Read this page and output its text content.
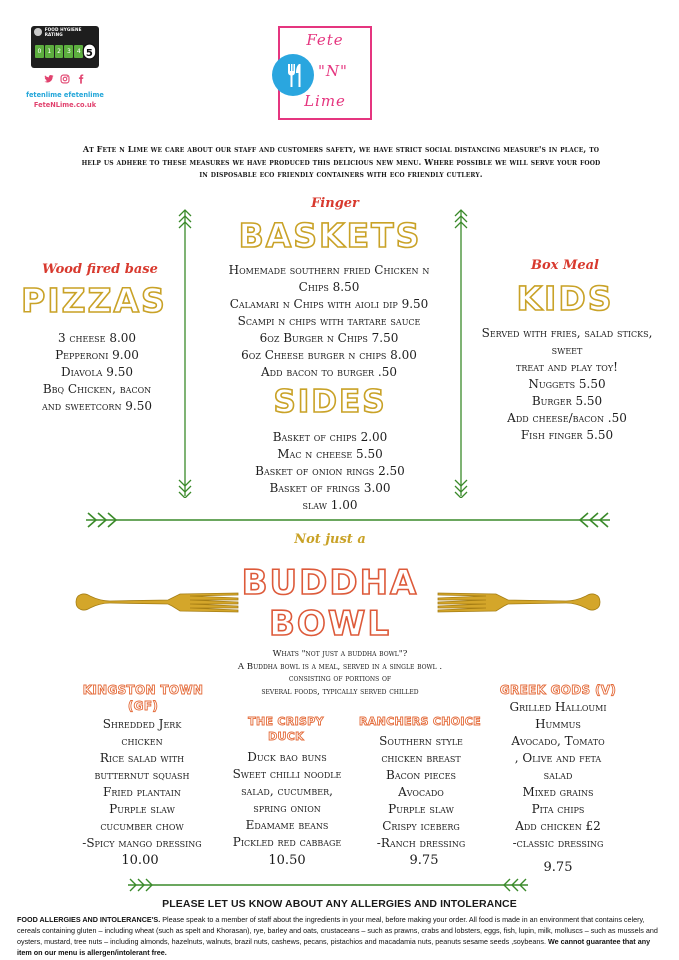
FOOD HYGIENE RATING
0	1	2	3	4 5
fetenlime efetenlime
FeteNLime.co.uk
Fete
"N"
Lime
At Fete n Lime we care about our staff and customers safety, we have strict social distancing measure's in place, to
help us adhere to these measures we have produced this delicious new menu. Where possible we will serve your food
in disposable eco friendly containers with eco friendly cutlery.
Wood fired base
PIZZAS
3 cheese 8.00
Pepperoni 9.00
Diavola 9.50
Bbq Chicken, bacon
and sweetcorn 9.50
Finger
BASKETS
Homemade southern fried Chicken n
Chips 8.50
Calamari n Chips with aioli dip 9.50
Scampi n chips with tartare sauce
6oz Burger n Chips 7.50
6oz Cheese burger n chips 8.00
Add bacon to burger .50
SIDES
Basket of chips 2.00
Mac n cheese 5.50
Basket of onion rings 2.50
Basket of frings 3.00
slaw 1.00
Box Meal
KIDS
Served with fries, salad sticks,
sweet
treat and play toy!
Nuggets 5.50
Burger 5.50
Add cheese/bacon .50
Fish finger 5.50
Not just a
BUDDHA
BOWL
Whats "not just a buddha bowl"?
A Buddha bowl is a meal, served in a single bowl .
consisting of portions of
several foods, typically served chilled
KINGSTON TOWN
(GF)
Shredded Jerk
chicken
Rice salad with
butternut squash
Fried plantain
Purple slaw
cucumber chow
-Spicy mango dressing
10.00
THE CRISPY
DUCK
Duck bao buns
Sweet chilli noodle
salad, cucumber,
spring onion
Edamame beans
Pickled red cabbage
10.50
RANCHERS CHOICE
Southern style
chicken breast
Bacon pieces
Avocado
Purple slaw
Crispy iceberg
-Ranch dressing
9.75
GREEK GODS (V)
Grilled Halloumi
Hummus
Avocado, Tomato
, Olive and feta
salad
Mixed grains
Pita chips
Add chicken £2
-classic dressing
9.75
PLEASE LET US KNOW ABOUT ANY ALLERGIES AND INTOLERANCE
FOOD ALLERGIES AND INTOLERANCE'S. Please speak to a member of staff about the ingredients in your meal, before making your order. All food is made in an environment that contains celery, cereals containing gluten – including wheat (such as spelt and Khorasan), rye, barley and oats, crustaceans – such as prawns, crabs and lobsters, eggs, fish, lupin, milk, molluscs – such as mussels and oysters, mustard, tree nuts – including almonds, hazelnuts, walnuts, brazil nuts, cashews, pecans, pistachios and macadamia nuts, peanuts sesame seeds ,soybeans. We cannot guarantee that any item on our menu is allergen/intolerant free.
